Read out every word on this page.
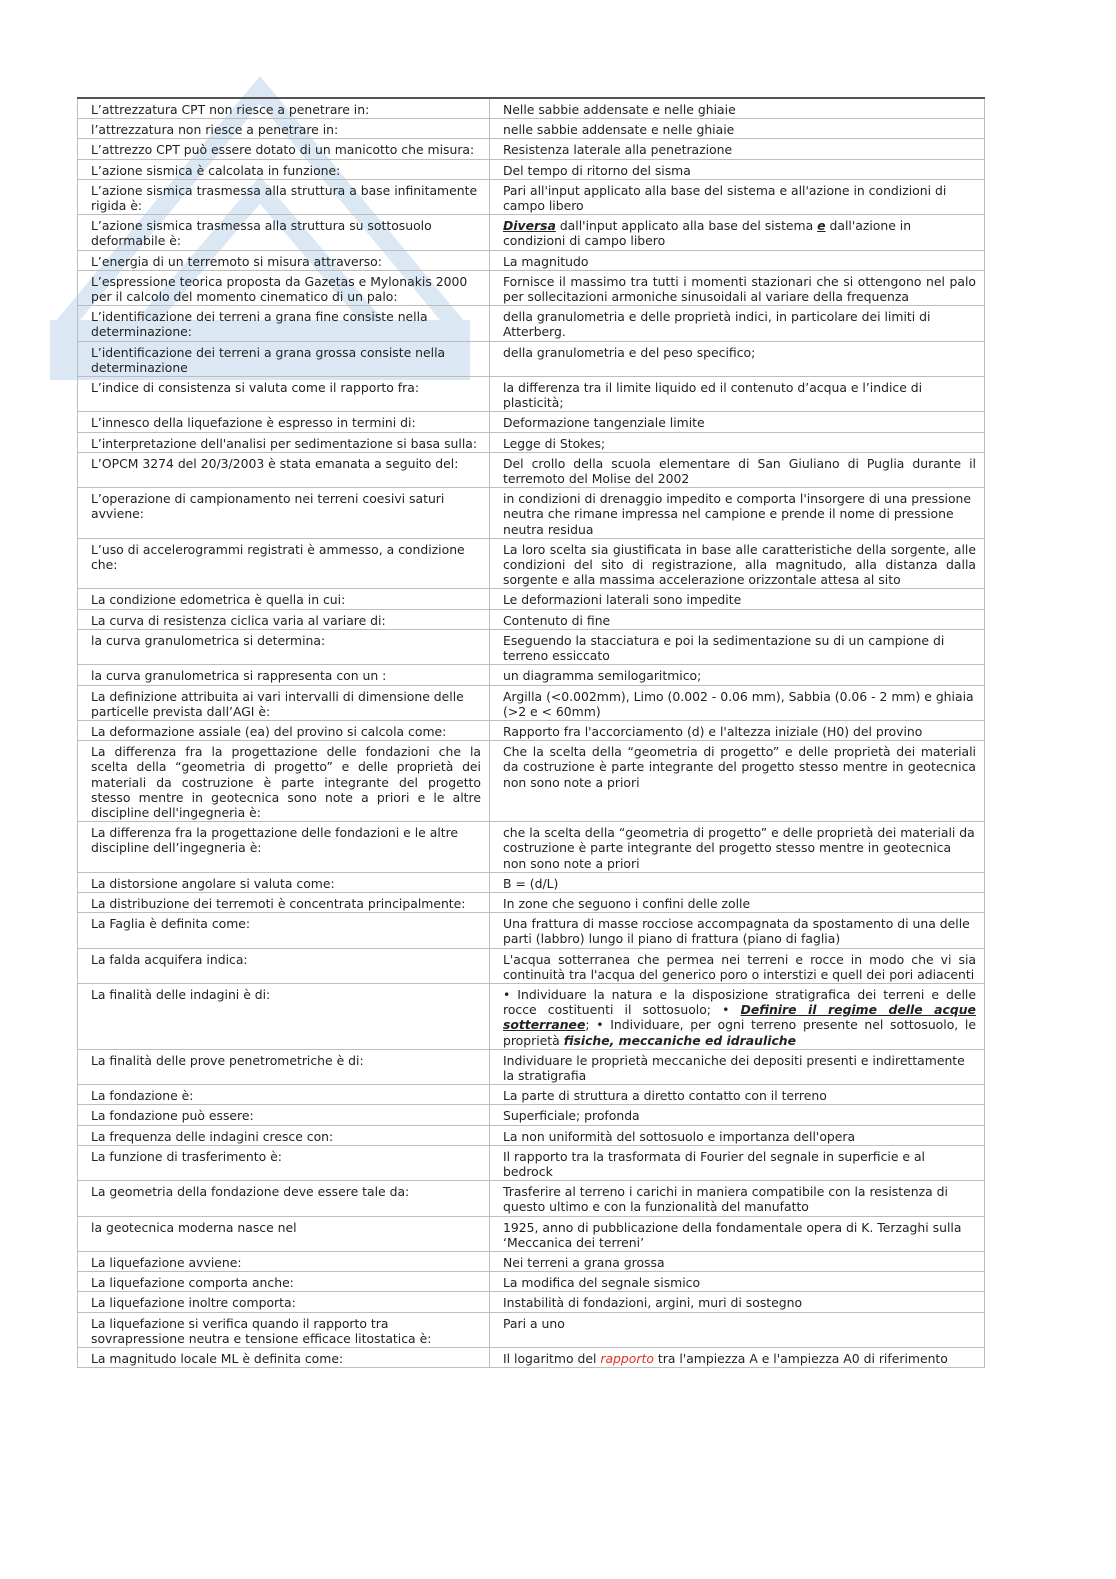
L’attrezzatura CPT non riesce a penetrare in:	Nelle sabbie addensate e nelle ghiaie
l’attrezzatura non riesce a penetrare in:	nelle sabbie addensate e nelle ghiaie
L’attrezzo CPT può essere dotato di un manicotto che misura:	Resistenza laterale alla penetrazione
L’azione sismica è calcolata in funzione:	Del tempo di ritorno del sisma
L’azione sismica trasmessa alla struttura a base infinitamente rigida è:	Pari all'input applicato alla base del sistema e all'azione in condizioni di campo libero
L’azione sismica trasmessa alla struttura su sottosuolo deformabile è:	Diversa dall'input applicato alla base del sistema e dall'azione in condizioni di campo libero
L’energia di un terremoto si misura attraverso:	La magnitudo
L’espressione teorica proposta da Gazetas e Mylonakis 2000 per il calcolo del momento cinematico di un palo:	Fornisce il massimo tra tutti i momenti stazionari che si ottengono nel palo per sollecitazioni armoniche sinusoidali al variare della frequenza
L’identificazione dei terreni a grana fine consiste nella determinazione:	della granulometria e delle proprietà indici, in particolare dei limiti di Atterberg.
L’identificazione dei terreni a grana grossa consiste nella determinazione	della granulometria e del peso specifico;
L’indice di consistenza si valuta come il rapporto fra:	la differenza tra il limite liquido ed il contenuto d’acqua e l’indice di plasticità;
L’innesco della liquefazione è espresso in termini di:	Deformazione tangenziale limite
L’interpretazione dell'analisi per sedimentazione si basa sulla:	Legge di Stokes;
L’OPCM 3274 del 20/3/2003 è stata emanata a seguito del:	Del crollo della scuola elementare di San Giuliano di Puglia durante il terremoto del Molise del 2002
L’operazione di campionamento nei terreni coesivi saturi avviene:	in condizioni di drenaggio impedito e comporta l'insorgere di una pressione neutra che rimane impressa nel campione e prende il nome di pressione neutra residua
L’uso di accelerogrammi registrati è ammesso, a condizione che:	La loro scelta sia giustificata in base alle caratteristiche della sorgente, alle condizioni del sito di registrazione, alla magnitudo, alla distanza dalla sorgente e alla massima accelerazione orizzontale attesa al sito
La condizione edometrica è quella in cui:	Le deformazioni laterali sono impedite
La curva di resistenza ciclica varia al variare di:	Contenuto di fine
la curva granulometrica si determina:	Eseguendo la stacciatura e poi la sedimentazione su di un campione di terreno essiccato
la curva granulometrica si rappresenta con un :	un diagramma semilogaritmico;
La definizione attribuita ai vari intervalli di dimensione delle particelle prevista dall’AGI è:	Argilla (<0.002mm), Limo (0.002 - 0.06 mm), Sabbia (0.06 - 2 mm) e ghiaia (>2 e < 60mm)
La deformazione assiale (ea) del provino si calcola come:	Rapporto fra l'accorciamento (d) e l'altezza iniziale (H0) del provino
La differenza fra la progettazione delle fondazioni che la scelta della “geometria di progetto” e delle proprietà dei materiali da costruzione è parte integrante del progetto stesso mentre in geotecnica sono note a priori e le altre discipline dell'ingegneria è:	Che la scelta della “geometria di progetto” e delle proprietà dei materiali da costruzione è parte integrante del progetto stesso mentre in geotecnica non sono note a priori
La differenza fra la progettazione delle fondazioni e le altre discipline dell’ingegneria è:	che la scelta della “geometria di progetto” e delle proprietà dei materiali da costruzione è parte integrante del progetto stesso mentre in geotecnica non sono note a priori
La distorsione angolare si valuta come:	B = (d/L)
La distribuzione dei terremoti è concentrata principalmente:	In zone che seguono i confini delle zolle
La Faglia è definita come:	Una frattura di masse rocciose accompagnata da spostamento di una delle parti (labbro) lungo il piano di frattura (piano di faglia)
La falda acquifera indica:	L'acqua sotterranea che permea nei terreni e rocce in modo che vi sia continuità tra l'acqua del generico poro o interstizi e quell dei pori adiacenti
La finalità delle indagini è di:	• Individuare la natura e la disposizione stratigrafica dei terreni e delle rocce costituenti il sottosuolo; • Definire il regime delle acque sotterranee; • Individuare, per ogni terreno presente nel sottosuolo, le proprietà fisiche, meccaniche ed idrauliche
La finalità delle prove penetrometriche è di:	Individuare le proprietà meccaniche dei depositi presenti e indirettamente la stratigrafia
La fondazione è:	La parte di struttura a diretto contatto con il terreno
La fondazione può essere:	Superficiale; profonda
La frequenza delle indagini cresce con:	La non uniformità del sottosuolo e importanza dell'opera
La funzione di trasferimento è:	Il rapporto tra la trasformata di Fourier del segnale in superficie e al bedrock
La geometria della fondazione deve essere tale da:	Trasferire al terreno i carichi in maniera compatibile con la resistenza di questo ultimo e con la funzionalità del manufatto
la geotecnica moderna nasce nel	1925, anno di pubblicazione della fondamentale opera di K. Terzaghi sulla ‘Meccanica dei terreni’
La liquefazione avviene:	Nei terreni a grana grossa
La liquefazione comporta anche:	La modifica del segnale sismico
La liquefazione inoltre comporta:	Instabilità di fondazioni, argini, muri di sostegno
La liquefazione si verifica quando il rapporto tra sovrapressione neutra e tensione efficace litostatica è:	Pari a uno
La magnitudo locale ML è definita come:	Il logaritmo del rapporto tra l'ampiezza A e l'ampiezza A0 di riferimento
